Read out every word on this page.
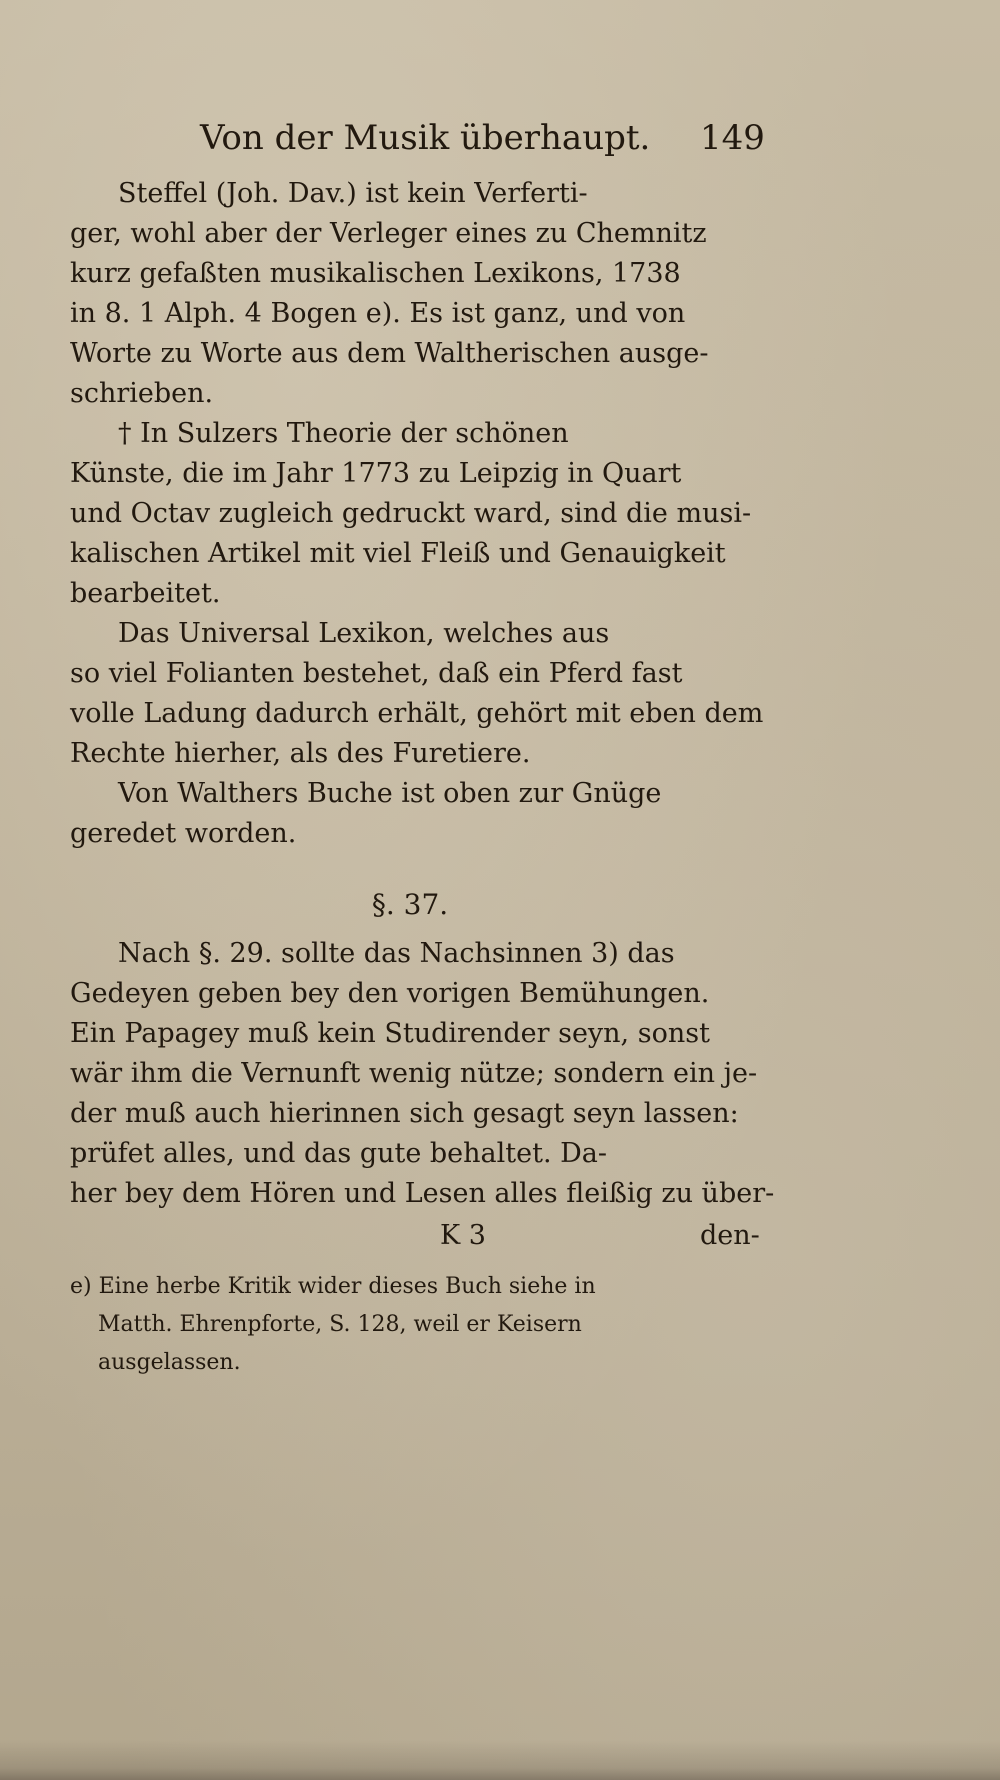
Von der Musik überhaupt. 149
Steffel (Joh. Dav.) ist kein Verferti-
ger, wohl aber der Verleger eines zu Chemnitz
kurz gefaßten musikalischen Lexikons, 1738
in 8. 1 Alph. 4 Bogen e). Es ist ganz, und von
Worte zu Worte aus dem Waltherischen ausge-
schrieben.
† In Sulzers Theorie der schönen
Künste, die im Jahr 1773 zu Leipzig in Quart
und Octav zugleich gedruckt ward, sind die musi-
kalischen Artikel mit viel Fleiß und Genauigkeit
bearbeitet.
Das Universal Lexikon, welches aus
so viel Folianten bestehet, daß ein Pferd fast
volle Ladung dadurch erhält, gehört mit eben dem
Rechte hierher, als des Furetiere.
Von Walthers Buche ist oben zur Gnüge
geredet worden.
§. 37.
Nach §. 29. sollte das Nachsinnen 3) das
Gedeyen geben bey den vorigen Bemühungen.
Ein Papagey muß kein Studirender seyn, sonst
wär ihm die Vernunft wenig nütze; sondern ein je-
der muß auch hierinnen sich gesagt seyn lassen:
prüfet alles, und das gute behaltet. Da-
her bey dem Hören und Lesen alles fleißig zu über-
K 3	den-
e) Eine herbe Kritik wider dieses Buch siehe in
Matth. Ehrenpforte, S. 128, weil er Keisern
ausgelassen.
